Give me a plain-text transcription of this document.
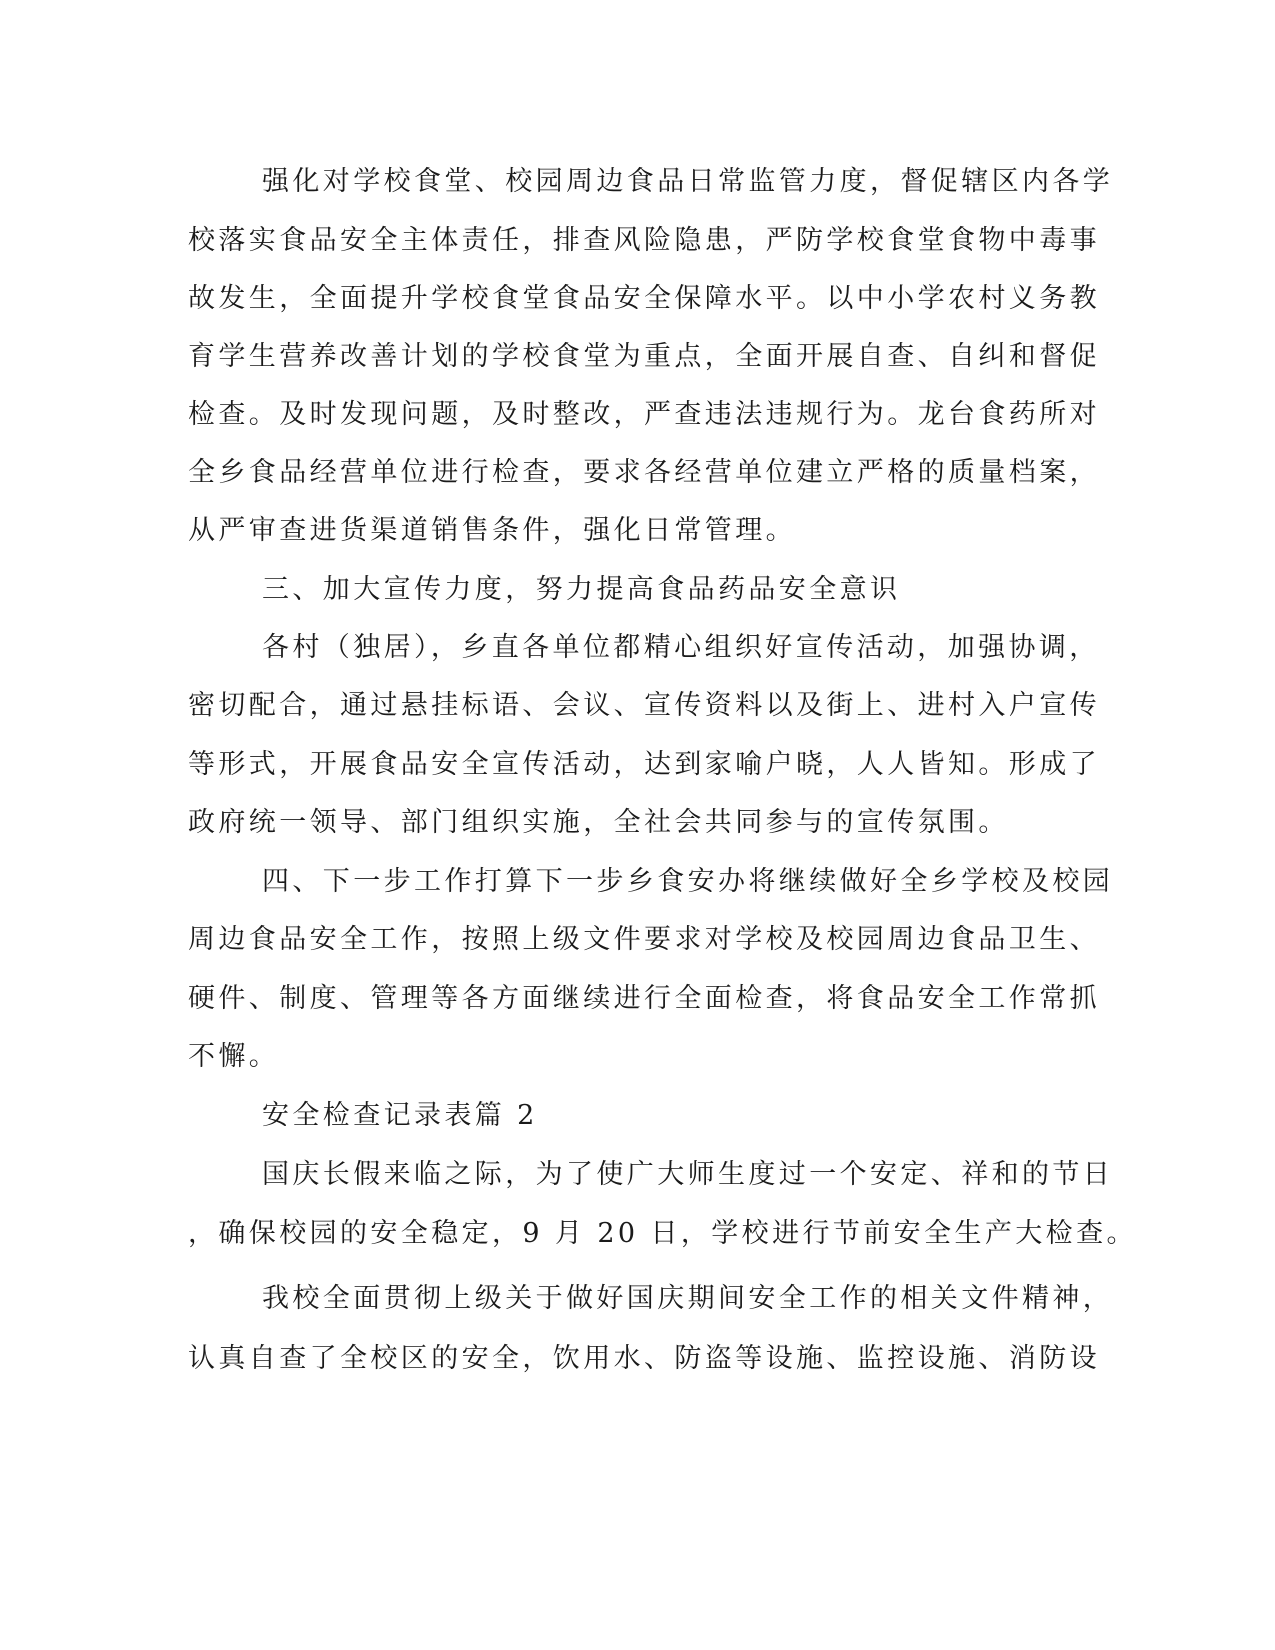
强化对学校食堂、校园周边食品日常监管力度，督促辖区内各学
校落实食品安全主体责任，排查风险隐患，严防学校食堂食物中毒事
故发生，全面提升学校食堂食品安全保障水平。以中小学农村义务教
育学生营养改善计划的学校食堂为重点，全面开展自查、自纠和督促
检查。及时发现问题，及时整改，严查违法违规行为。龙台食药所对
全乡食品经营单位进行检查，要求各经营单位建立严格的质量档案，
从严审查进货渠道销售条件，强化日常管理。
三、加大宣传力度，努力提高食品药品安全意识
各村（独居），乡直各单位都精心组织好宣传活动，加强协调，
密切配合，通过悬挂标语、会议、宣传资料以及街上、进村入户宣传
等形式，开展食品安全宣传活动，达到家喻户晓，人人皆知。形成了
政府统一领导、部门组织实施，全社会共同参与的宣传氛围。
四、下一步工作打算下一步乡食安办将继续做好全乡学校及校园
周边食品安全工作，按照上级文件要求对学校及校园周边食品卫生、
硬件、制度、管理等各方面继续进行全面检查，将食品安全工作常抓
不懈。
安全检查记录表篇 2
国庆长假来临之际，为了使广大师生度过一个安定、祥和的节日
，确保校园的安全稳定，9 月 20 日，学校进行节前安全生产大检查。
我校全面贯彻上级关于做好国庆期间安全工作的相关文件精神，
认真自查了全校区的安全，饮用水、防盗等设施、监控设施、消防设
